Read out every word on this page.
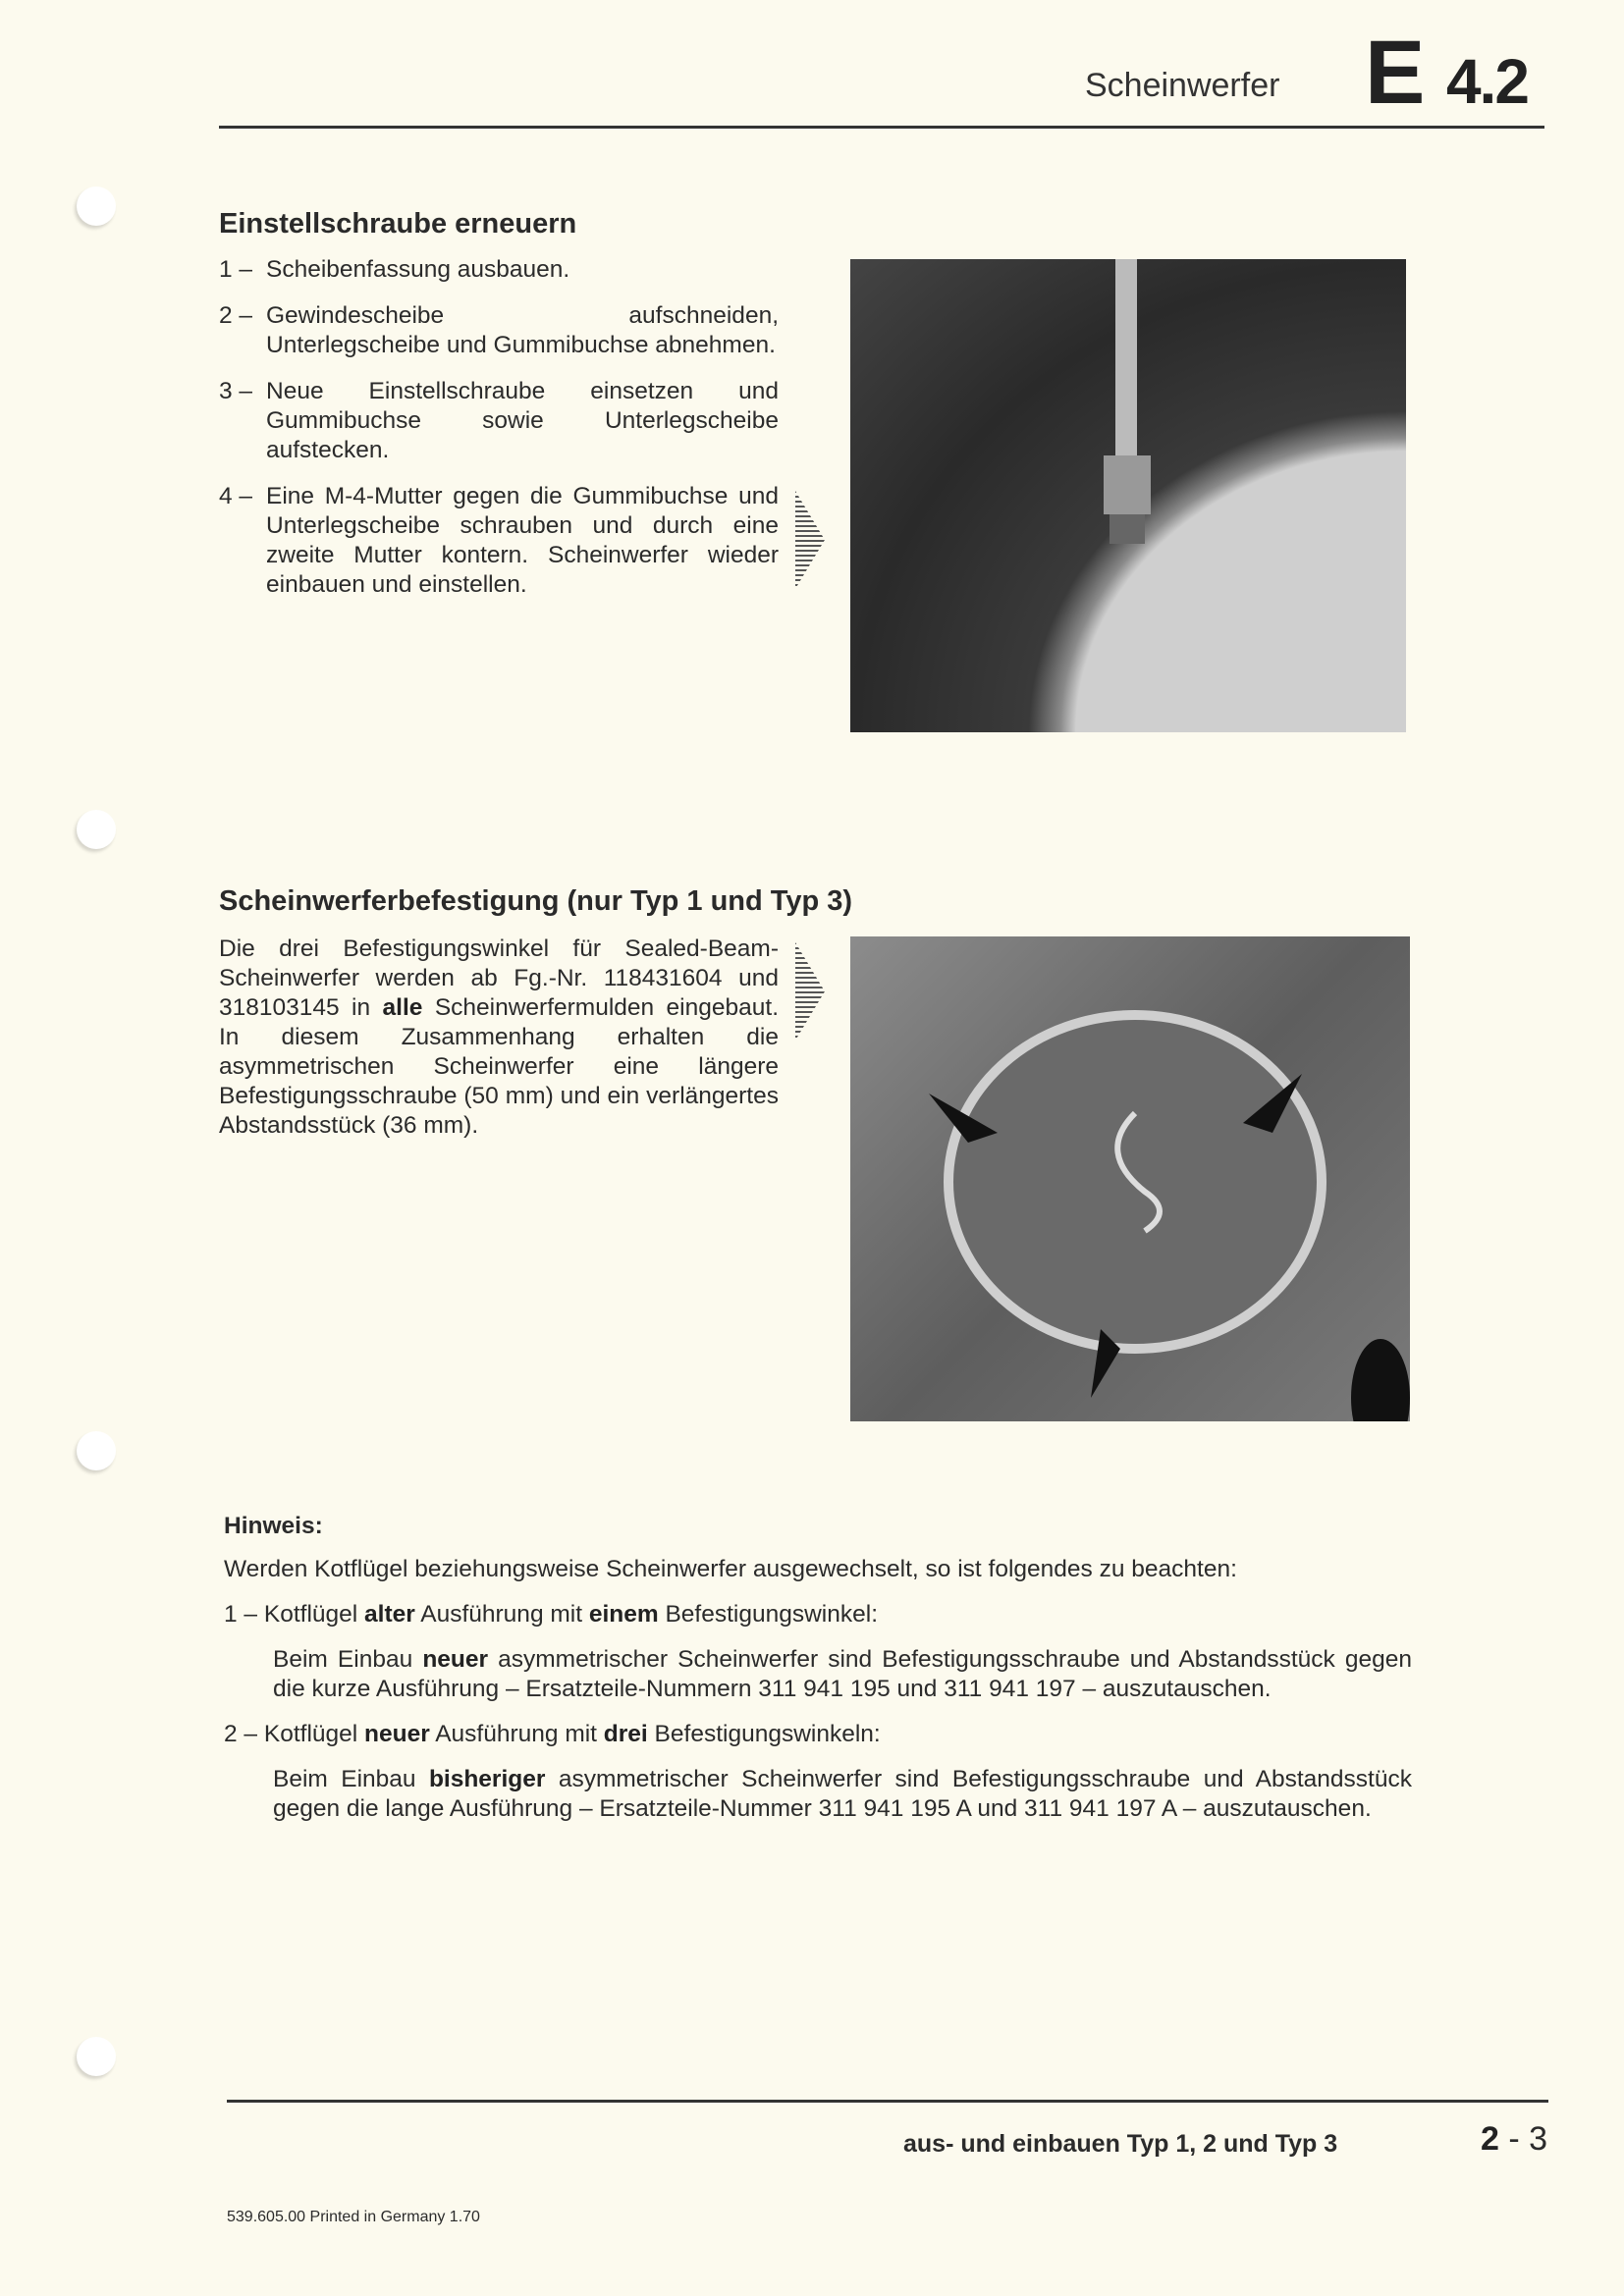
Scheinwerfer E 4.2
Einstellschraube erneuern
1 – Scheibenfassung ausbauen.
2 – Gewindescheibe aufschneiden, Unterlegscheibe und Gummibuchse abnehmen.
3 – Neue Einstellschraube einsetzen und Gummibuchse sowie Unterlegscheibe aufstecken.
4 – Eine M-4-Mutter gegen die Gummibuchse und Unterlegscheibe schrauben und durch eine zweite Mutter kontern. Scheinwerfer wieder einbauen und einstellen.
Scheinwerferbefestigung (nur Typ 1 und Typ 3)
Die drei Befestigungswinkel für Sealed-Beam-Scheinwerfer werden ab Fg.-Nr. 118431604 und 318103145 in alle Scheinwerfermulden eingebaut. In diesem Zusammenhang erhalten die asymmetrischen Scheinwerfer eine längere Befestigungsschraube (50 mm) und ein verlängertes Abstandsstück (36 mm).

Hinweis:

Werden Kotflügel beziehungsweise Scheinwerfer ausgewechselt, so ist folgendes zu beachten:

1 – Kotflügel alter Ausführung mit einem Befestigungswinkel:

Beim Einbau neuer asymmetrischer Scheinwerfer sind Befestigungsschraube und Abstandsstück gegen die kurze Ausführung – Ersatzteile-Nummern 311 941 195 und 311 941 197 – auszutauschen.

2 – Kotflügel neuer Ausführung mit drei Befestigungswinkeln:

Beim Einbau bisheriger asymmetrischer Scheinwerfer sind Befestigungsschraube und Abstandsstück gegen die lange Ausführung – Ersatzteile-Nummer 311 941 195 A und 311 941 197 A – auszutauschen.

aus- und einbauen Typ 1, 2 und Typ 3	2 - 3
539.605.00 Printed in Germany 1.70
